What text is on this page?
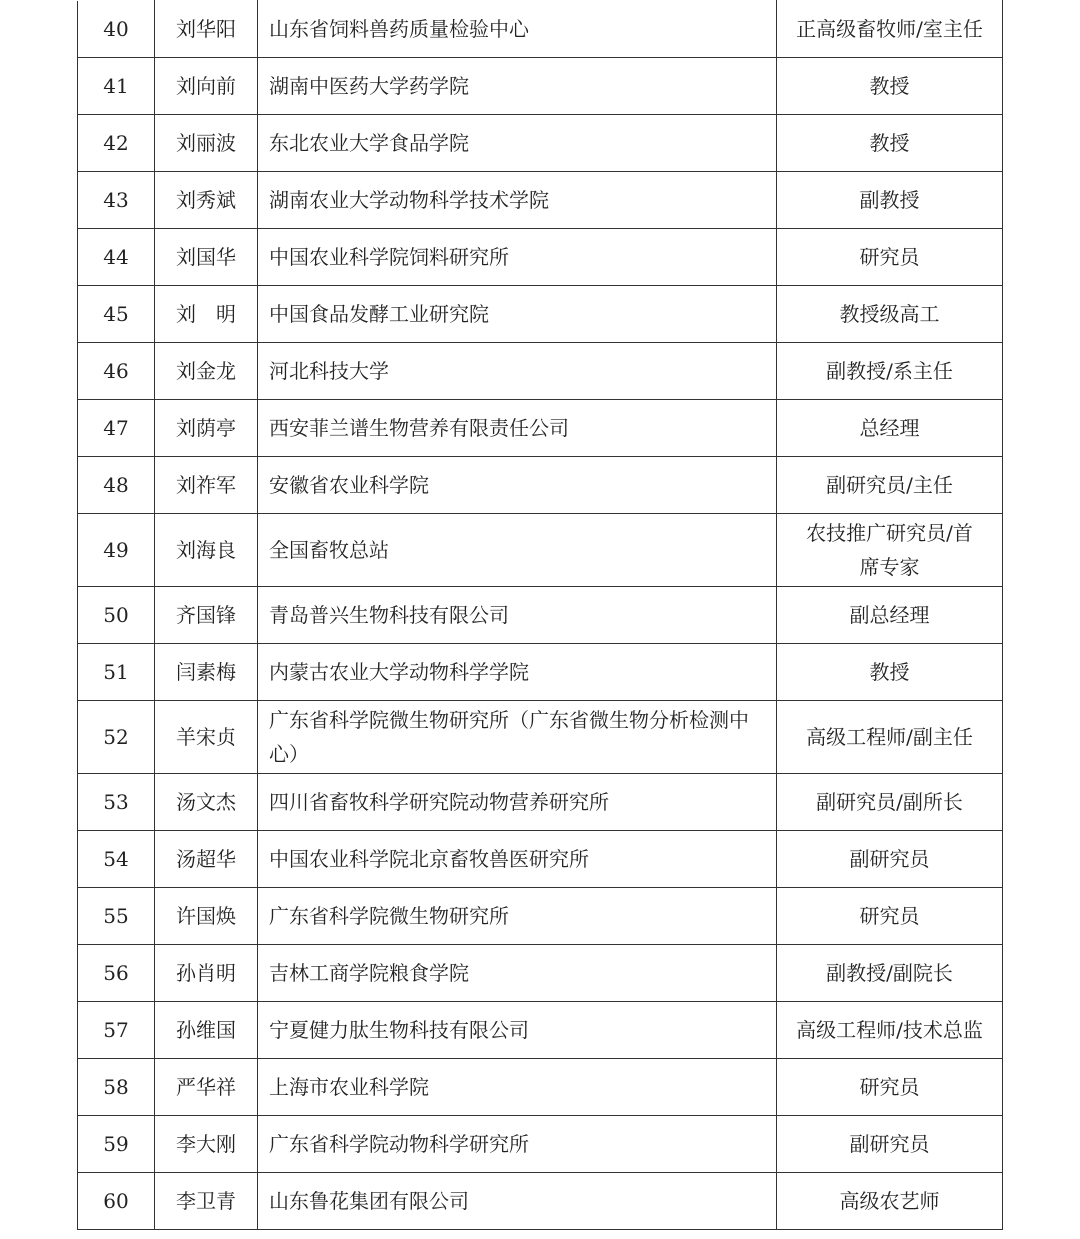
40	刘华阳	山东省饲料兽药质量检验中心	正高级畜牧师/室主任
41	刘向前	湖南中医药大学药学院	教授
42	刘丽波	东北农业大学食品学院	教授
43	刘秀斌	湖南农业大学动物科学技术学院	副教授
44	刘国华	中国农业科学院饲料研究所	研究员
45	刘　明	中国食品发酵工业研究院	教授级高工
46	刘金龙	河北科技大学	副教授/系主任
47	刘荫亭	西安菲兰谱生物营养有限责任公司	总经理
48	刘祚军	安徽省农业科学院	副研究员/主任
49	刘海良	全国畜牧总站	农技推广研究员/首席专家
50	齐国锋	青岛普兴生物科技有限公司	副总经理
51	闫素梅	内蒙古农业大学动物科学学院	教授
52	羊宋贞	广东省科学院微生物研究所（广东省微生物分析检测中心）	高级工程师/副主任
53	汤文杰	四川省畜牧科学研究院动物营养研究所	副研究员/副所长
54	汤超华	中国农业科学院北京畜牧兽医研究所	副研究员
55	许国焕	广东省科学院微生物研究所	研究员
56	孙肖明	吉林工商学院粮食学院	副教授/副院长
57	孙维国	宁夏健力肽生物科技有限公司	高级工程师/技术总监
58	严华祥	上海市农业科学院	研究员
59	李大刚	广东省科学院动物科学研究所	副研究员
60	李卫青	山东鲁花集团有限公司	高级农艺师
